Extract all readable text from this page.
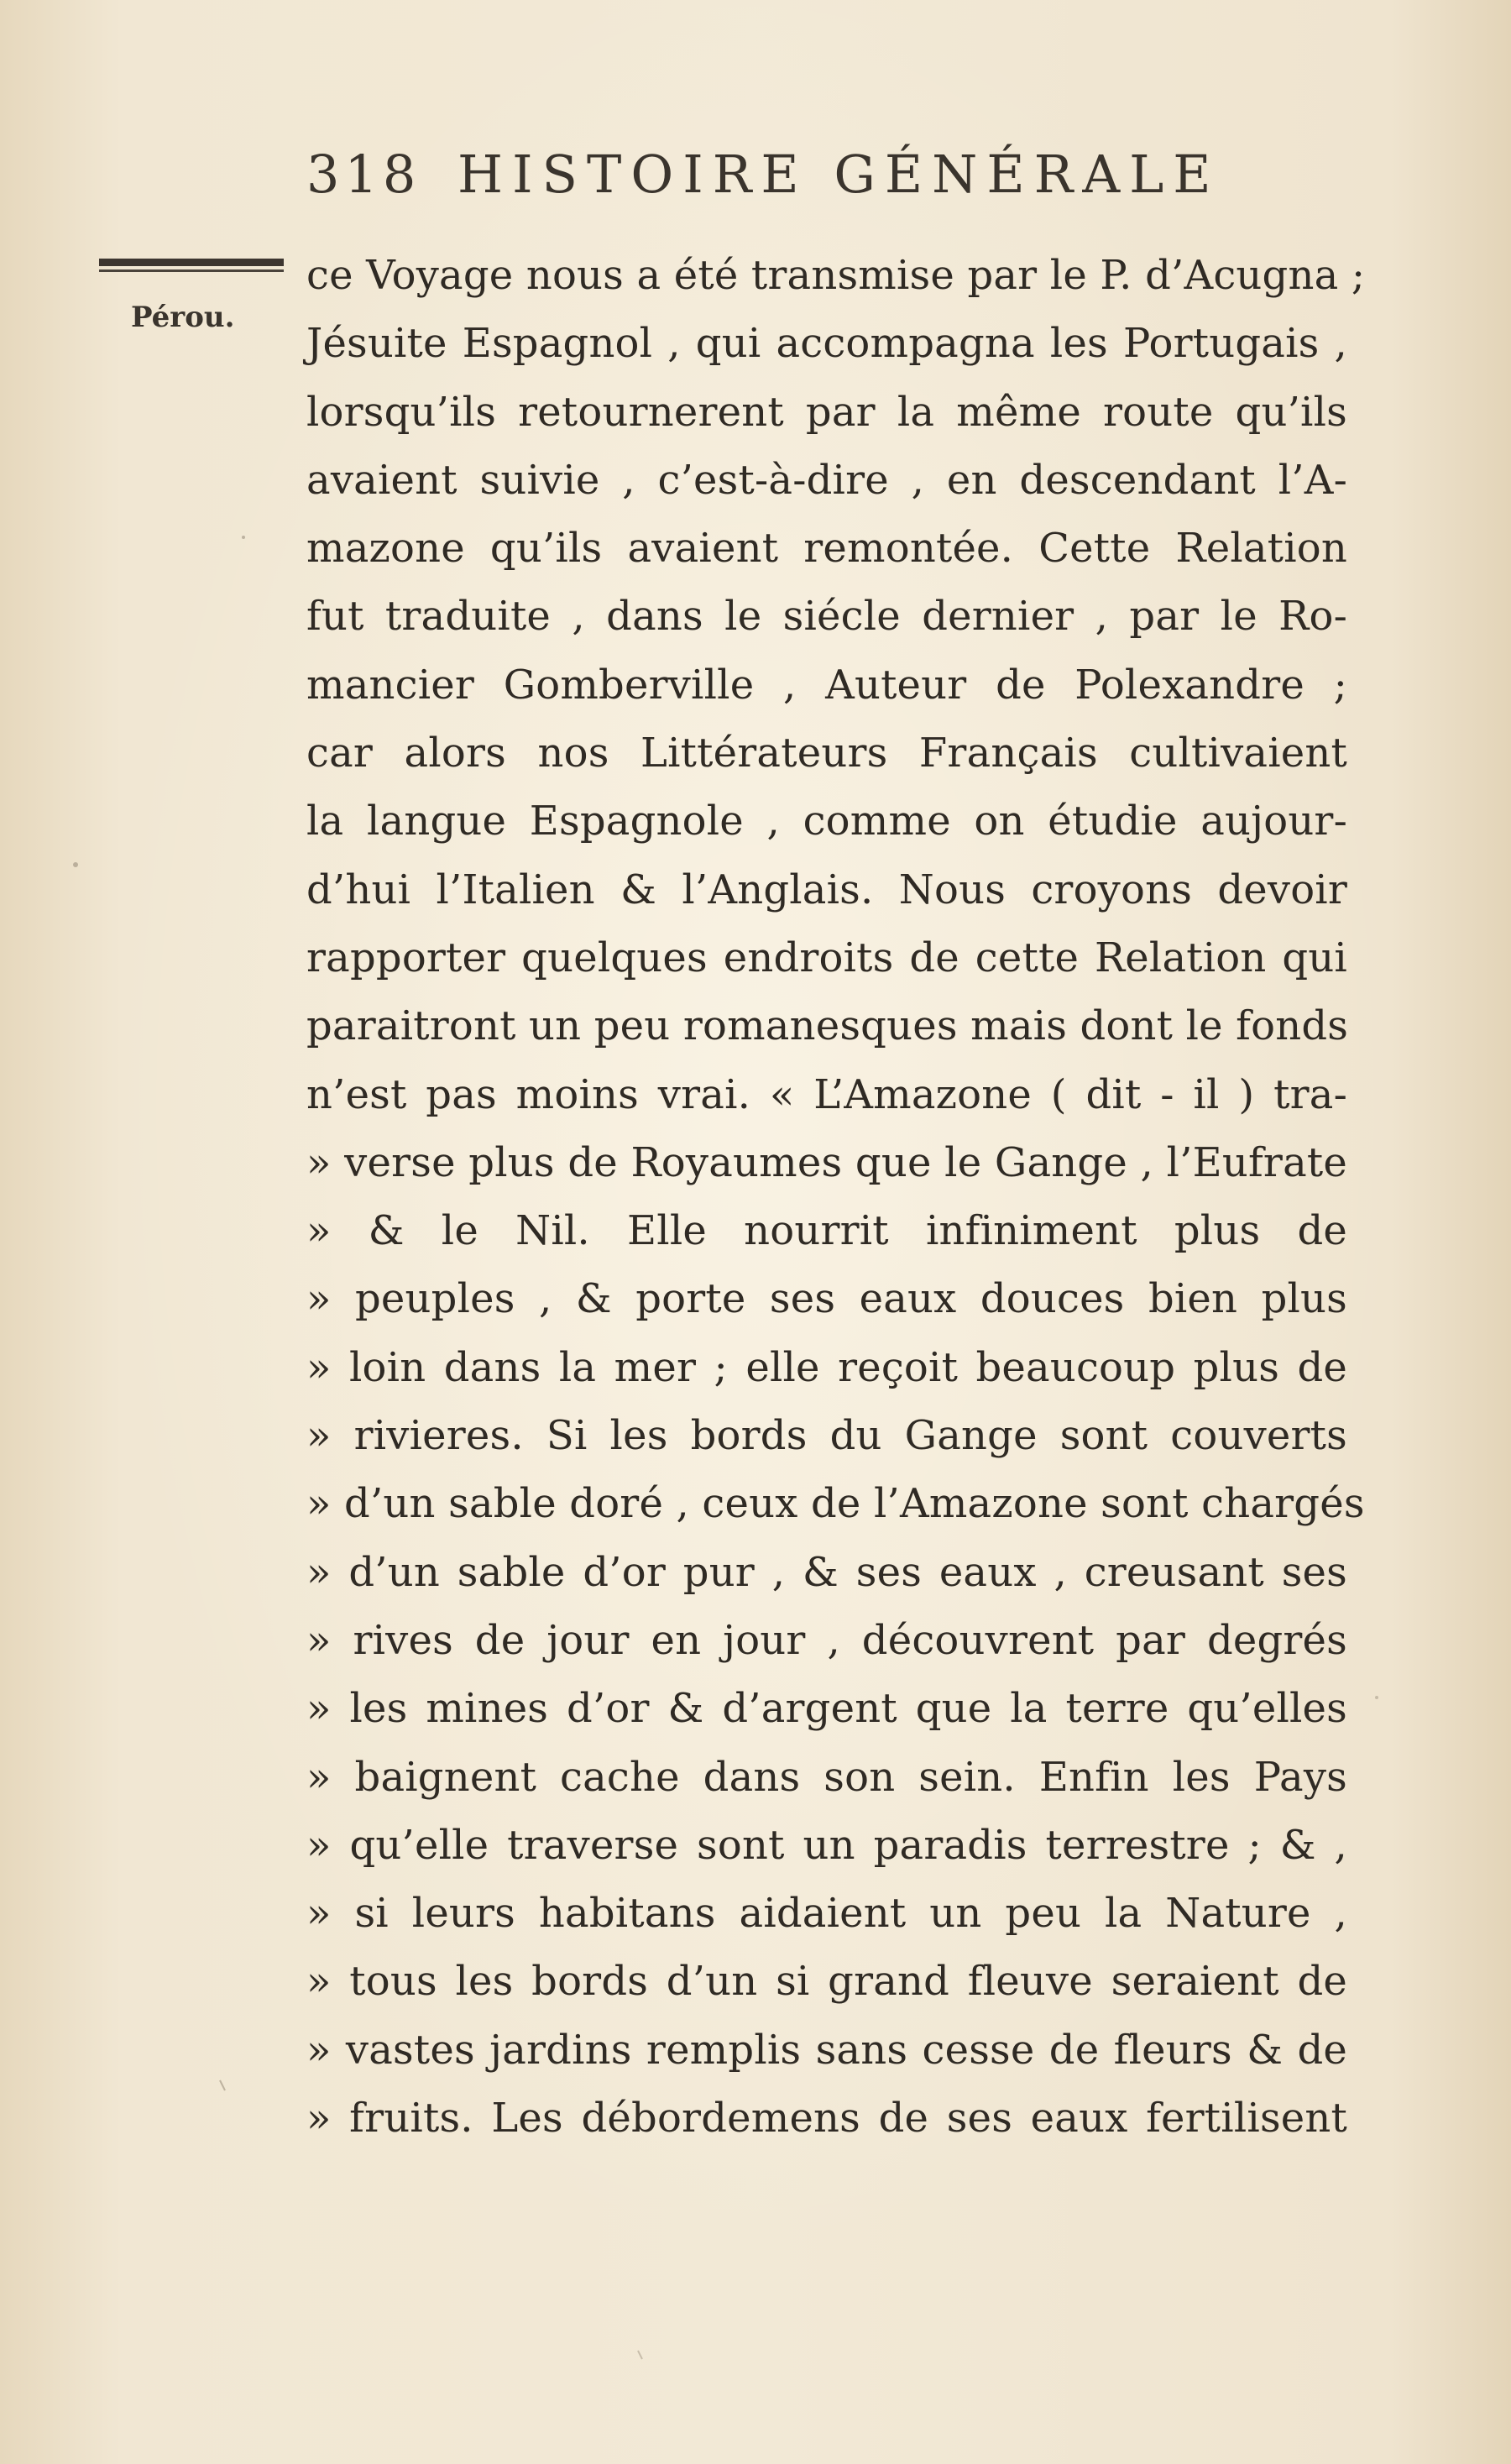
318 HISTOIRE GÉNÉRALE
Pérou.
ce Voyage nous a été transmise par le P. d’Acugna ;
Jésuite Espagnol , qui accompagna les Portugais ,
lorsqu’ils retournerent par la même route qu’ils
avaient suivie , c’est-à-dire , en descendant l’A-
mazone qu’ils avaient remontée. Cette Relation
fut traduite , dans le siécle dernier , par le Ro-
mancier Gomberville , Auteur de Polexandre ;
car alors nos Littérateurs Français cultivaient
la langue Espagnole , comme on étudie aujour-
d’hui l’Italien & l’Anglais. Nous croyons devoir
rapporter quelques endroits de cette Relation qui
paraitront un peu romanesques mais dont le fonds
n’est pas moins vrai. « L’Amazone ( dit - il ) tra-
» verse plus de Royaumes que le Gange , l’Eufrate
» & le Nil. Elle nourrit infiniment plus de
» peuples , & porte ses eaux douces bien plus
» loin dans la mer ; elle reçoit beaucoup plus de
» rivieres. Si les bords du Gange sont couverts
» d’un sable doré , ceux de l’Amazone sont chargés
» d’un sable d’or pur , & ses eaux , creusant ses
» rives de jour en jour , découvrent par degrés
» les mines d’or & d’argent que la terre qu’elles
» baignent cache dans son sein. Enfin les Pays
» qu’elle traverse sont un paradis terrestre ; & ,
» si leurs habitans aidaient un peu la Nature ,
» tous les bords d’un si grand fleuve seraient de
» vastes jardins remplis sans cesse de fleurs & de
» fruits. Les débordemens de ses eaux fertilisent
